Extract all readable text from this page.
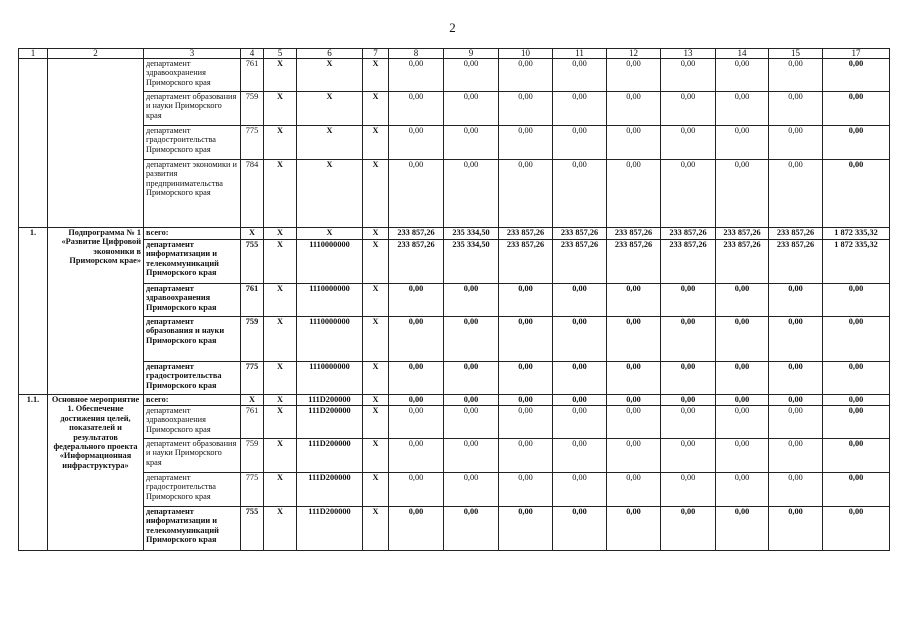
2
1	2	3	4	5	6	7	8	9	10	11	12	13	14	15	17
		департамент здравоохранения Приморского края	761	X	X	X	0,00	0,00	0,00	0,00	0,00	0,00	0,00	0,00	0,00
		департамент образования и науки Приморского края	759	X	X	X	0,00	0,00	0,00	0,00	0,00	0,00	0,00	0,00	0,00
		департамент градостроительства Приморского края	775	X	X	X	0,00	0,00	0,00	0,00	0,00	0,00	0,00	0,00	0,00
		департамент экономики и развития предпринимательства Приморского края	784	X	X	X	0,00	0,00	0,00	0,00	0,00	0,00	0,00	0,00	0,00
1.	Подпрограмма № 1 «Развитие Цифровой экономики в Приморском крае»	всего:	X	X	X	X	233 857,26	235 334,50	233 857,26	233 857,26	233 857,26	233 857,26	233 857,26	233 857,26	1 872 335,32
		департамент информатизации и телекоммуникаций Приморского края	755	X	1110000000	X	233 857,26	235 334,50	233 857,26	233 857,26	233 857,26	233 857,26	233 857,26	233 857,26	1 872 335,32
		департамент здравоохранения Приморского края	761	X	1110000000	X	0,00	0,00	0,00	0,00	0,00	0,00	0,00	0,00	0,00
		департамент образования и науки Приморского края	759	X	1110000000	X	0,00	0,00	0,00	0,00	0,00	0,00	0,00	0,00	0,00
		департамент градостроительства Приморского края	775	X	1110000000	X	0,00	0,00	0,00	0,00	0,00	0,00	0,00	0,00	0,00
1.1.	Основное мероприятие 1. Обеспечение достижения целей, показателей и результатов федерального проекта «Информационная инфраструктура»	всего:	X	X	111D200000	X	0,00	0,00	0,00	0,00	0,00	0,00	0,00	0,00	0,00
		департамент здравоохранения Приморского края	761	X	111D200000	X	0,00	0,00	0,00	0,00	0,00	0,00	0,00	0,00	0,00
		департамент образования и науки Приморского края	759	X	111D200000	X	0,00	0,00	0,00	0,00	0,00	0,00	0,00	0,00	0,00
		департамент градостроительства Приморского края	775	X	111D200000	X	0,00	0,00	0,00	0,00	0,00	0,00	0,00	0,00	0,00
		департамент информатизации и телекоммуникаций Приморского края	755	X	111D200000	X	0,00	0,00	0,00	0,00	0,00	0,00	0,00	0,00	0,00
